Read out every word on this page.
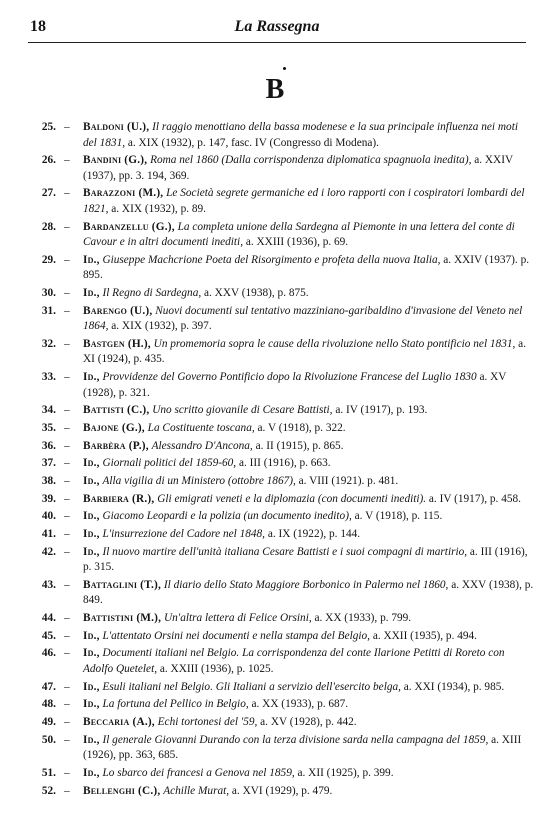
18	La Rassegna
B
25. – Baldoni (U.), Il raggio menottiano della bassa modenese e la sua principale influenza nei moti del 1831, a. XIX (1932), p. 147, fasc. IV (Congresso di Modena).
26. – Bandini (G.), Roma nel 1860 (Dalla corrispondenza diplomatica spagnuola inedita), a. XXIV (1937), pp. 3. 194, 369.
27. – Barazzoni (M.), Le Società segrete germaniche ed i loro rapporti con i cospiratori lombardi del 1821, a. XIX (1932), p. 89.
28. – Bardanzellu (G.), La completa unione della Sardegna al Piemonte in una lettera del conte di Cavour e in altri documenti inediti, a. XXIII (1936), p. 69.
29. – Id., Giuseppe Machcrione Poeta del Risorgimento e profeta della nuova Italia, a. XXIV (1937). p. 895.
30. – Id., Il Regno di Sardegna, a. XXV (1938), p. 875.
31. – Barengo (U.), Nuovi documenti sul tentativo mazziniano-garibaldino d'invasione del Veneto nel 1864, a. XIX (1932), p. 397.
32. – Bastgen (H.), Un promemoria sopra le cause della rivoluzione nello Stato pontificio nel 1831, a. XI (1924), p. 435.
33. – Id., Provvidenze del Governo Pontificio dopo la Rivoluzione Francese del Luglio 1830 a. XV (1928), p. 321.
34. – Battisti (C.), Uno scritto giovanile di Cesare Battisti, a. IV (1917), p. 193.
35. – Bajone (G.), La Costituente toscana, a. V (1918), p. 322.
36. – Barbèra (P.), Alessandro D'Ancona, a. II (1915), p. 865.
37. – Id., Giornali politici del 1859-60, a. III (1916), p. 663.
38. – Id., Alla vigilia di un Ministero (ottobre 1867), a. VIII (1921). p. 481.
39. – Barbiera (R.), Gli emigrati veneti e la diplomazia (con documenti inediti). a. IV (1917), p. 458.
40. – Id., Giacomo Leopardi e la polizia (un documento inedito), a. V (1918), p. 115.
41. – Id., L'insurrezione del Cadore nel 1848, a. IX (1922), p. 144.
42. – Id., Il nuovo martire dell'unità italiana Cesare Battisti e i suoi compagni di martirio, a. III (1916), p. 315.
43. – Battaglini (T.), Il diario dello Stato Maggiore Borbonico in Palermo nel 1860, a. XXV (1938), p. 849.
44. – Battistini (M.), Un'altra lettera di Felice Orsini, a. XX (1933), p. 799.
45. – Id., L'attentato Orsini nei documenti e nella stampa del Belgio, a. XXII (1935), p. 494.
46. – Id., Documenti italiani nel Belgio. La corrispondenza del conte Ilarione Petitti di Roreto con Adolfo Quetelet, a. XXIII (1936), p. 1025.
47. – Id., Esuli italiani nel Belgio. Gli Italiani a servizio dell'esercito belga, a. XXI (1934), p. 985.
48. – Id., La fortuna del Pellico in Belgio, a. XX (1933), p. 687.
49. – Beccaria (A.), Echi tortonesi del '59, a. XV (1928), p. 442.
50. – Id., Il generale Giovanni Durando con la terza divisione sarda nella campagna del 1859, a. XIII (1926), pp. 363, 685.
51. – Id., Lo sbarco dei francesi a Genova nel 1859, a. XII (1925), p. 399.
52. – Bellenghi (C.), Achille Murat, a. XVI (1929), p. 479.
